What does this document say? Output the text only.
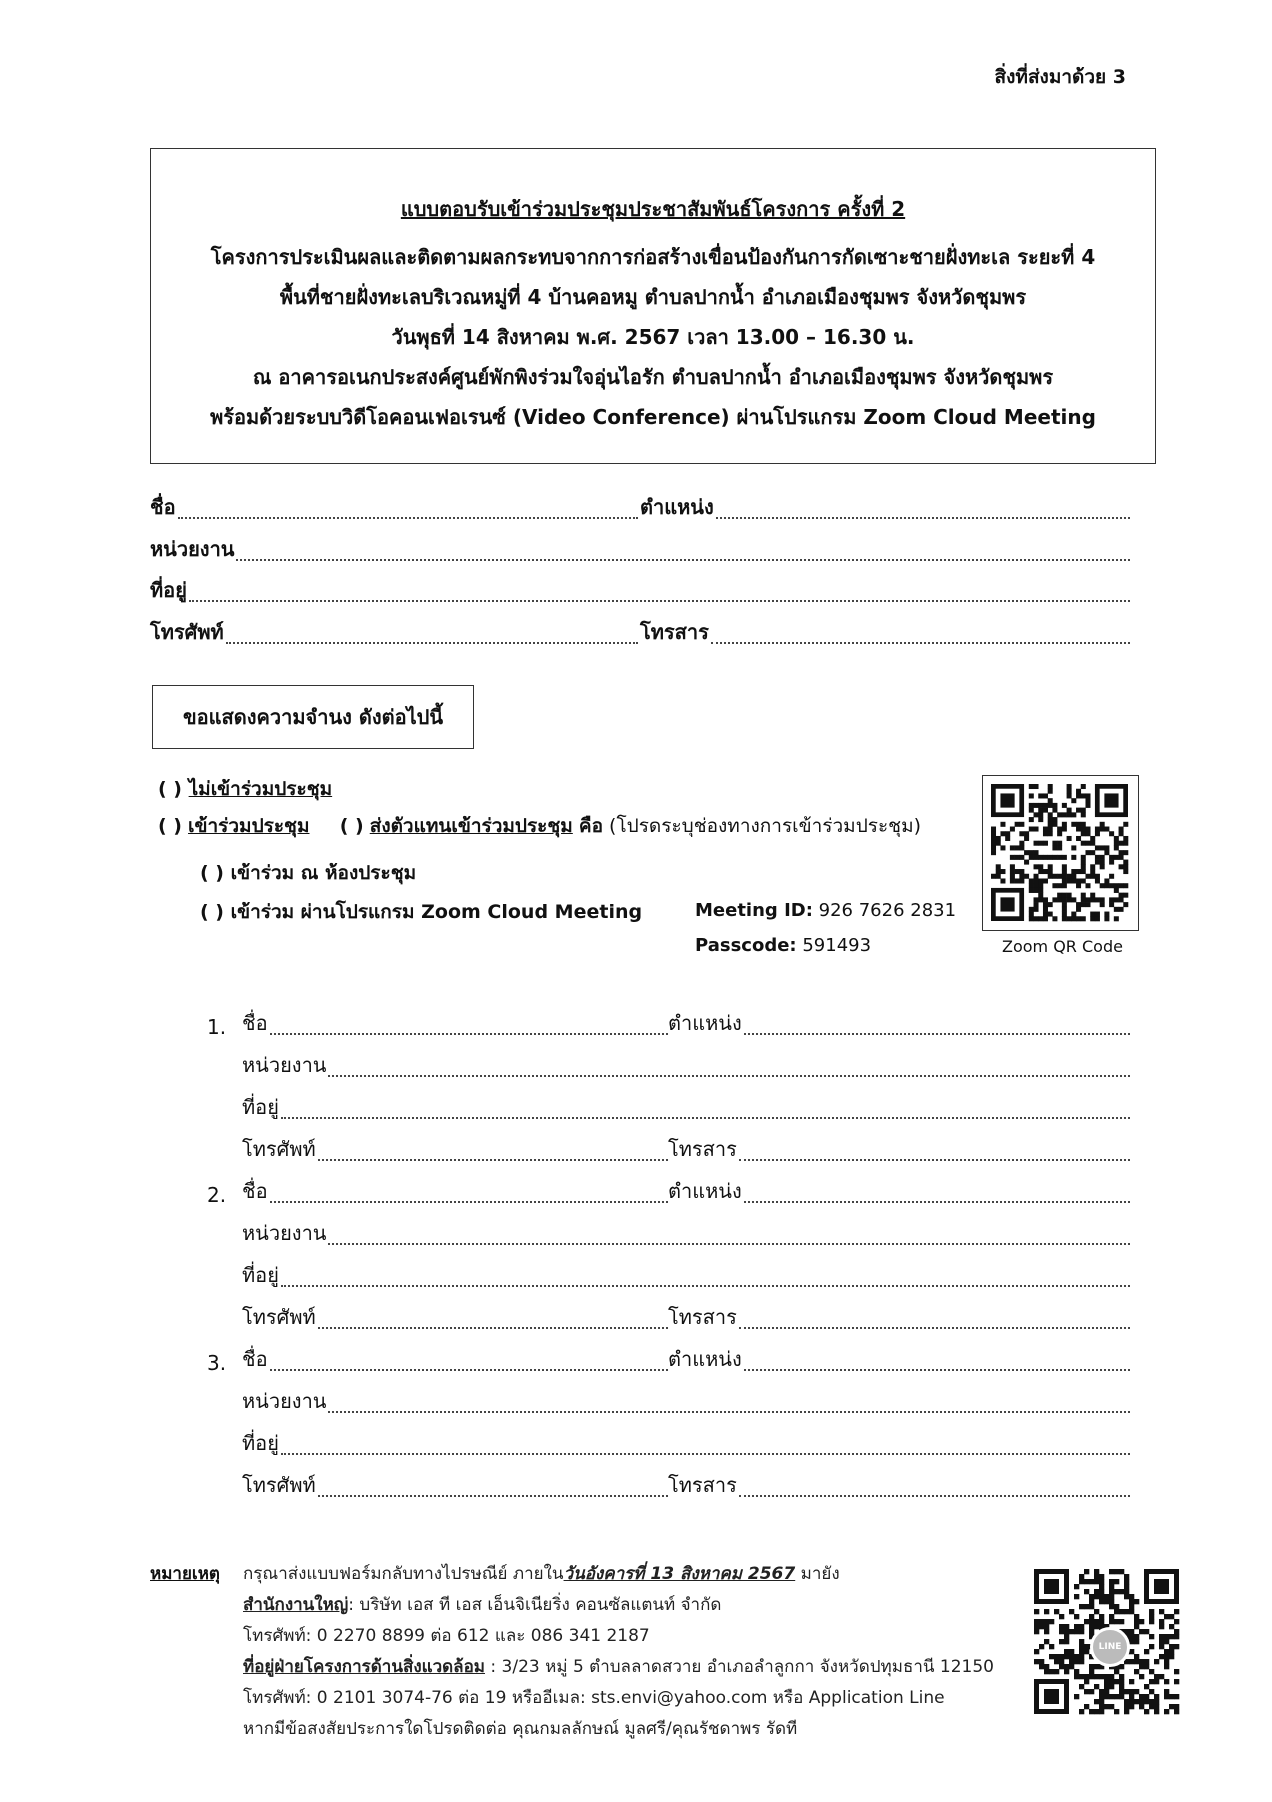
สิ่งที่ส่งมาด้วย 3
แบบตอบรับเข้าร่วมประชุมประชาสัมพันธ์โครงการ ครั้งที่ 2
โครงการประเมินผลและติดตามผลกระทบจากการก่อสร้างเขื่อนป้องกันการกัดเซาะชายฝั่งทะเล ระยะที่ 4
พื้นที่ชายฝั่งทะเลบริเวณหมู่ที่ 4 บ้านคอหมู ตำบลปากน้ำ อำเภอเมืองชุมพร จังหวัดชุมพร
วันพุธที่ 14 สิงหาคม พ.ศ. 2567 เวลา 13.00 – 16.30 น.
ณ อาคารอเนกประสงค์ศูนย์พักพิงร่วมใจอุ่นไอรัก ตำบลปากน้ำ อำเภอเมืองชุมพร จังหวัดชุมพร
พร้อมด้วยระบบวิดีโอคอนเฟอเรนซ์ (Video Conference) ผ่านโปรแกรม Zoom Cloud Meeting
ชื่อ	ตำแหน่ง
หน่วยงาน
ที่อยู่
โทรศัพท์	โทรสาร
ขอแสดงความจำนง ดังต่อไปนี้
( ) ไม่เข้าร่วมประชุม
( ) เข้าร่วมประชุม ( ) ส่งตัวแทนเข้าร่วมประชุม คือ (โปรดระบุช่องทางการเข้าร่วมประชุม)
( ) เข้าร่วม ณ ห้องประชุม
( ) เข้าร่วม ผ่านโปรแกรม Zoom Cloud Meeting	Meeting ID: 926 7626 2831
Passcode: 591493	Zoom QR Code
1. ชื่อ	ตำแหน่ง
หน่วยงาน
ที่อยู่
โทรศัพท์	โทรสาร
2. ชื่อ	ตำแหน่ง
หน่วยงาน
ที่อยู่
โทรศัพท์	โทรสาร
3. ชื่อ	ตำแหน่ง
หน่วยงาน
ที่อยู่
โทรศัพท์	โทรสาร
หมายเหตุ กรุณาส่งแบบฟอร์มกลับทางไปรษณีย์ ภายในวันอังคารที่ 13 สิงหาคม 2567 มายัง
สำนักงานใหญ่: บริษัท เอส ที เอส เอ็นจิเนียริ่ง คอนซัลแตนท์ จำกัด
โทรศัพท์: 0 2270 8899 ต่อ 612 และ 086 341 2187
ที่อยู่ฝ่ายโครงการด้านสิ่งแวดล้อม : 3/23 หมู่ 5 ตำบลลาดสวาย อำเภอลำลูกกา จังหวัดปทุมธานี 12150
โทรศัพท์: 0 2101 3074-76 ต่อ 19 หรืออีเมล: sts.envi@yahoo.com หรือ Application Line
หากมีข้อสงสัยประการใดโปรดติดต่อ คุณกมลลักษณ์ มูลศรี/คุณรัชดาพร รัดที
LINE
